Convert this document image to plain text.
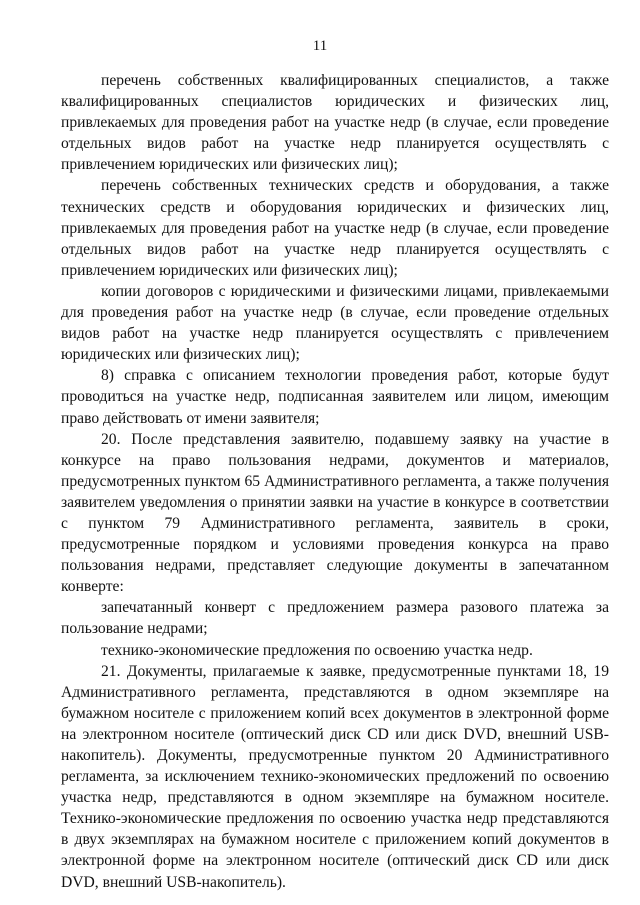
11

перечень собственных квалифицированных специалистов, а также квалифицированных специалистов юридических и физических лиц, привлекаемых для проведения работ на участке недр (в случае, если проведение отдельных видов работ на участке недр планируется осуществлять с привлечением юридических или физических лиц);

перечень собственных технических средств и оборудования, а также технических средств и оборудования юридических и физических лиц, привлекаемых для проведения работ на участке недр (в случае, если проведение отдельных видов работ на участке недр планируется осуществлять с привлечением юридических или физических лиц);

копии договоров с юридическими и физическими лицами, привлекаемыми для проведения работ на участке недр (в случае, если проведение отдельных видов работ на участке недр планируется осуществлять с привлечением юридических или физических лиц);

8) справка с описанием технологии проведения работ, которые будут проводиться на участке недр, подписанная заявителем или лицом, имеющим право действовать от имени заявителя;

20. После представления заявителю, подавшему заявку на участие в конкурсе на право пользования недрами, документов и материалов, предусмотренных пунктом 65 Административного регламента, а также получения заявителем уведомления о принятии заявки на участие в конкурсе в соответствии с пунктом 79 Административного регламента, заявитель в сроки, предусмотренные порядком и условиями проведения конкурса на право пользования недрами, представляет следующие документы в запечатанном конверте:

запечатанный конверт с предложением размера разового платежа за пользование недрами;

технико-экономические предложения по освоению участка недр.

21. Документы, прилагаемые к заявке, предусмотренные пунктами 18, 19 Административного регламента, представляются в одном экземпляре на бумажном носителе с приложением копий всех документов в электронной форме на электронном носителе (оптический диск CD или диск DVD, внешний USB-накопитель). Документы, предусмотренные пунктом 20 Административного регламента, за исключением технико-экономических предложений по освоению участка недр, представляются в одном экземпляре на бумажном носителе. Технико-экономические предложения по освоению участка недр представляются в двух экземплярах на бумажном носителе с приложением копий документов в электронной форме на электронном носителе (оптический диск CD или диск DVD, внешний USB-накопитель).
